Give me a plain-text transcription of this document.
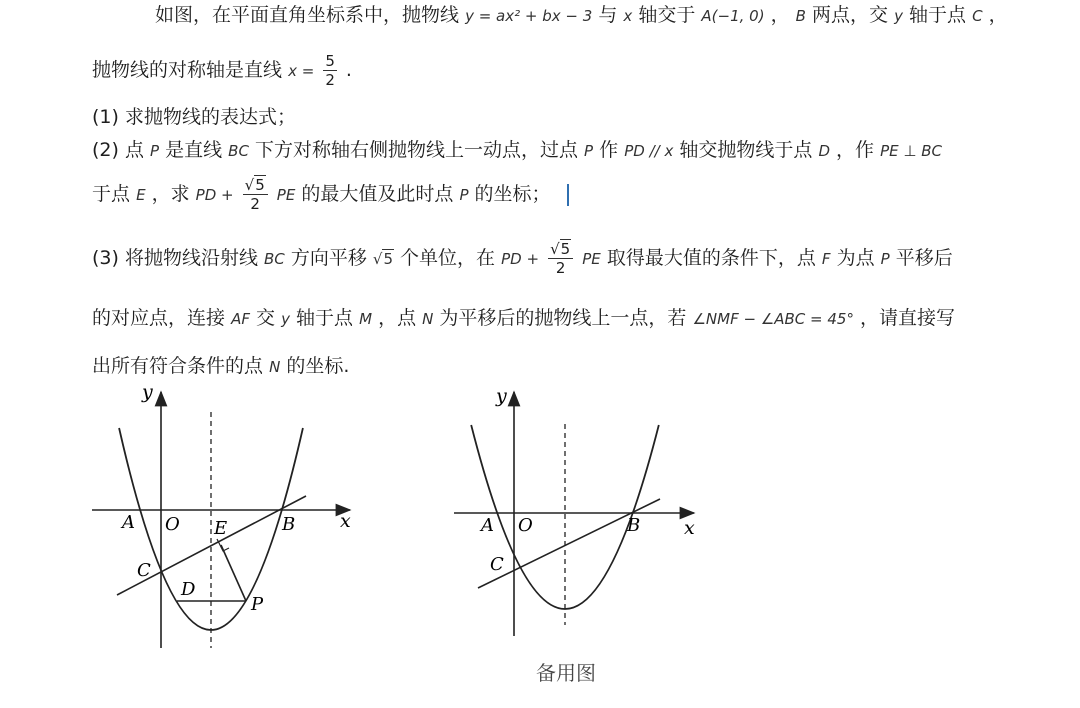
如图，在平面直角坐标系中，抛物线 y = ax² + bx − 3 与 x 轴交于 A(−1, 0) ， B 两点，交 y 轴于点 C ，
抛物线的对称轴是直线 $x = \frac{5}{2}$ .
(1) 求抛物线的表达式；
(2) 点 P 是直线 BC 下方对称轴右侧抛物线上一动点，过点 P 作 PD // x 轴交抛物线于点 D ，作 PE ⊥ BC
于点 E ，求 PD + $\frac{√5}{2}$ PE 的最大值及此时点 P 的坐标；
(3) 将抛物线沿射线 BC 方向平移 √5 个单位，在 PD + $\frac{√5}{2}$ PE 取得最大值的条件下，点 F 为点 P 平移后
的对应点，连接 AF 交 y 轴于点 M ，点 N 为平移后的抛物线上一点，若 ∠NMF − ∠ABC = 45° ，请直接写
出所有符合条件的点 N 的坐标.
y
x
O
A	B
C
D
E
P
y
x
O
A	B
C
备用图
